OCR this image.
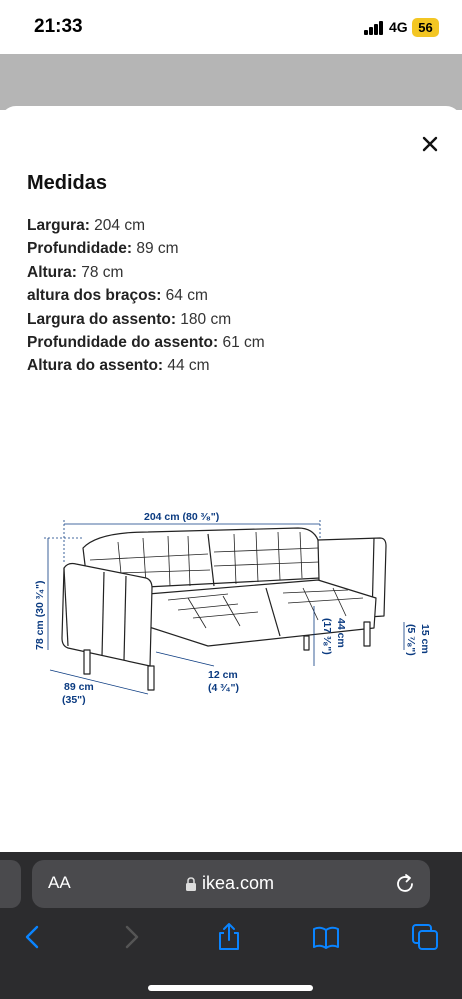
21:33	4G 56
Medidas
Largura: 204 cm
Profundidade: 89 cm
Altura: 78 cm
altura dos braços: 64 cm
Largura do assento: 180 cm
Profundidade do assento: 61 cm
Altura do assento: 44 cm
204 cm (80 ³⁄₈")
78 cm (30 ³⁄₄")
89 cm
(35")
12 cm
(4 ³⁄₄")
44 cm
(17 ³⁄₈")	15 cm
(5 ⁷⁄₈")
AA	ikea.com
